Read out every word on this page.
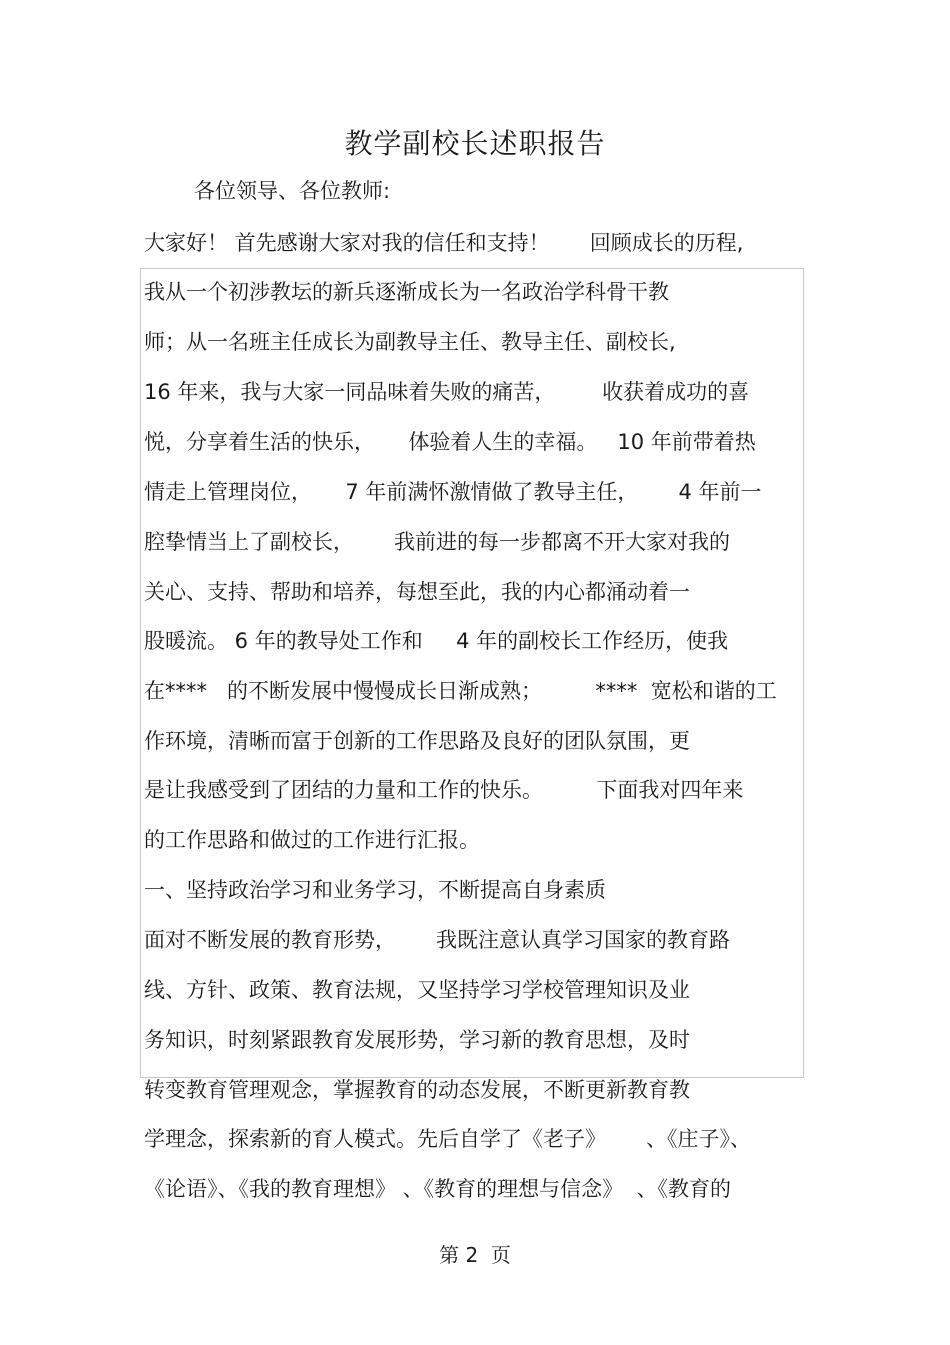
教学副校长述职报告
各位领导、各位教师:
大家好！ 首先感谢大家对我的信任和支持！      回顾成长的历程,
我从一个初涉教坛的新兵逐渐成长为一名政治学科骨干教
师；从一名班主任成长为副教导主任、教导主任、副校长,
16 年来，我与大家一同品味着失败的痛苦，       收获着成功的喜
悦，分享着生活的快乐，     体验着人生的幸福。   10 年前带着热
情走上管理岗位，     7 年前满怀激情做了教导主任，      4 年前一
腔挚情当上了副校长，      我前进的每一步都离不开大家对我的
关心、支持、帮助和培养，每想至此，我的内心都涌动着一
股暖流。 6 年的教导处工作和     4 年的副校长工作经历，使我
在****   的不断发展中慢慢成长日渐成熟；        ****  宽松和谐的工
作环境，清晰而富于创新的工作思路及良好的团队氛围，更
是让我感受到了团结的力量和工作的快乐。        下面我对四年来
的工作思路和做过的工作进行汇报。
一、坚持政治学习和业务学习，不断提高自身素质
面对不断发展的教育形势，      我既注意认真学习国家的教育路
线、方针、政策、教育法规，又坚持学习学校管理知识及业
务知识，时刻紧跟教育发展形势，学习新的教育思想，及时
转变教育管理观念，掌握教育的动态发展，不断更新教育教
学理念，探索新的育人模式。先后自学了《老子》      、《庄子》、
《论语》、《我的教育理想》 、《教育的理想与信念》  、《教育的
第 2  页
